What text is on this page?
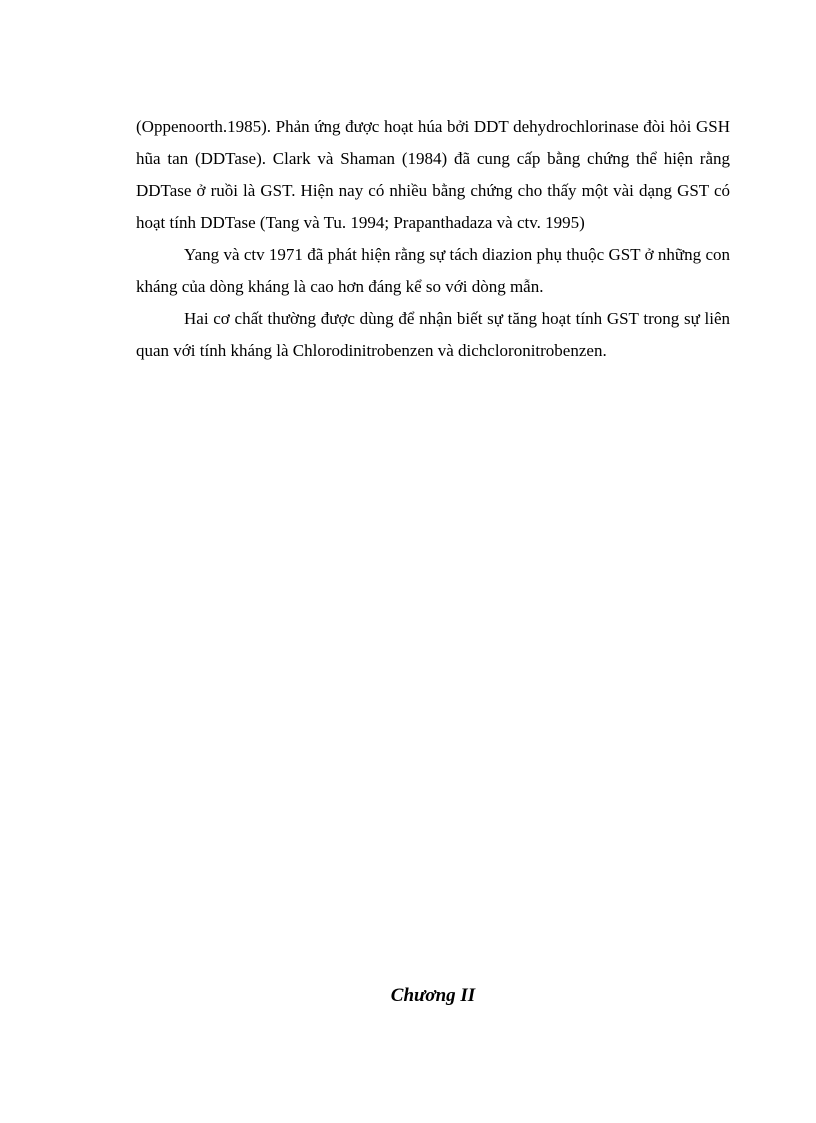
(Oppenoorth.1985). Phản ứng được hoạt húa bởi DDT dehydrochlorinase đòi hỏi GSH hũa tan (DDTase). Clark và Shaman (1984) đã cung cấp bằng chứng thể hiện rằng DDTase ở ruồi là GST. Hiện nay có nhiều bằng chứng cho thấy một vài dạng GST có hoạt tính DDTase (Tang và Tu. 1994; Prapanthadaza và ctv. 1995)

Yang và ctv 1971 đã phát hiện rằng sự tách diazion phụ thuộc GST ở những con kháng của dòng kháng là cao hơn đáng kể so với dòng mẫn.

Hai cơ chất thường được dùng để nhận biết sự tăng hoạt tính GST trong sự liên quan với tính kháng là Chlorodinitrobenzen và dichcloronitrobenzen.

Chương II
